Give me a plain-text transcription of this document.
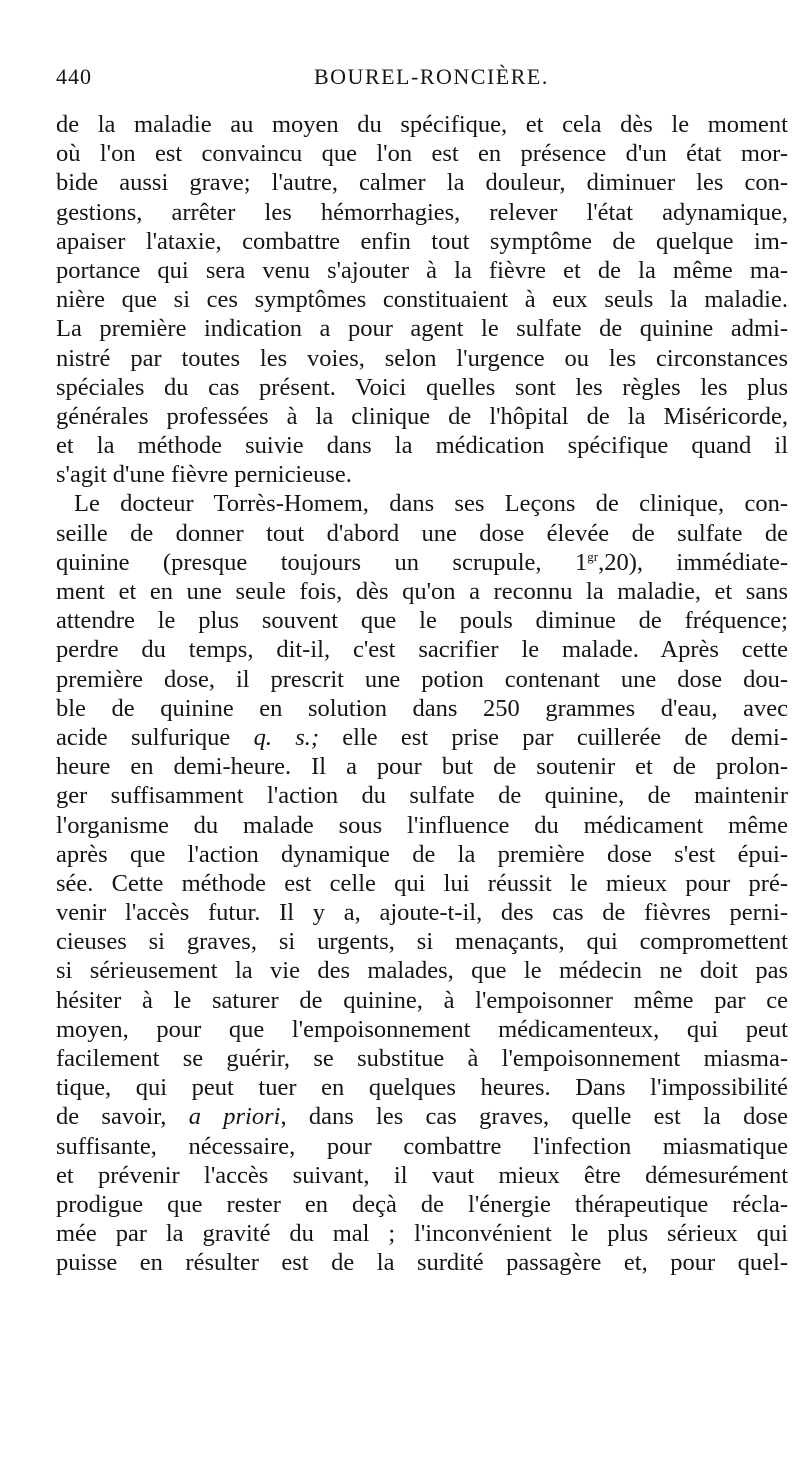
440	BOUREL-RONCIÈRE.
de la maladie au moyen du spécifique, et cela dès le moment
où l'on est convaincu que l'on est en présence d'un état mor-
bide aussi grave; l'autre, calmer la douleur, diminuer les con-
gestions, arrêter les hémorrhagies, relever l'état adynamique,
apaiser l'ataxie, combattre enfin tout symptôme de quelque im-
portance qui sera venu s'ajouter à la fièvre et de la même ma-
nière que si ces symptômes constituaient à eux seuls la maladie.
La première indication a pour agent le sulfate de quinine admi-
nistré par toutes les voies, selon l'urgence ou les circonstances
spéciales du cas présent. Voici quelles sont les règles les plus
générales professées à la clinique de l'hôpital de la Miséricorde,
et la méthode suivie dans la médication spécifique quand il
s'agit d'une fièvre pernicieuse.
Le docteur Torrès-Homem, dans ses Leçons de clinique, con-
seille de donner tout d'abord une dose élevée de sulfate de
quinine (presque toujours un scrupule, $1^{gr},20$), immédiate-
ment et en une seule fois, dès qu'on a reconnu la maladie, et sans
attendre le plus souvent que le pouls diminue de fréquence;
perdre du temps, dit-il, c'est sacrifier le malade. Après cette
première dose, il prescrit une potion contenant une dose dou-
ble de quinine en solution dans 250 grammes d'eau, avec
acide sulfurique q. s.; elle est prise par cuillerée de demi-
heure en demi-heure. Il a pour but de soutenir et de prolon-
ger suffisamment l'action du sulfate de quinine, de maintenir
l'organisme du malade sous l'influence du médicament même
après que l'action dynamique de la première dose s'est épui-
sée. Cette méthode est celle qui lui réussit le mieux pour pré-
venir l'accès futur. Il y a, ajoute-t-il, des cas de fièvres perni-
cieuses si graves, si urgents, si menaçants, qui compromettent
si sérieusement la vie des malades, que le médecin ne doit pas
hésiter à le saturer de quinine, à l'empoisonner même par ce
moyen, pour que l'empoisonnement médicamenteux, qui peut
facilement se guérir, se substitue à l'empoisonnement miasma-
tique, qui peut tuer en quelques heures. Dans l'impossibilité
de savoir, a priori, dans les cas graves, quelle est la dose
suffisante, nécessaire, pour combattre l'infection miasmatique
et prévenir l'accès suivant, il vaut mieux être démesurément
prodigue que rester en deçà de l'énergie thérapeutique récla-
mée par la gravité du mal ; l'inconvénient le plus sérieux qui
puisse en résulter est de la surdité passagère et, pour quel-
